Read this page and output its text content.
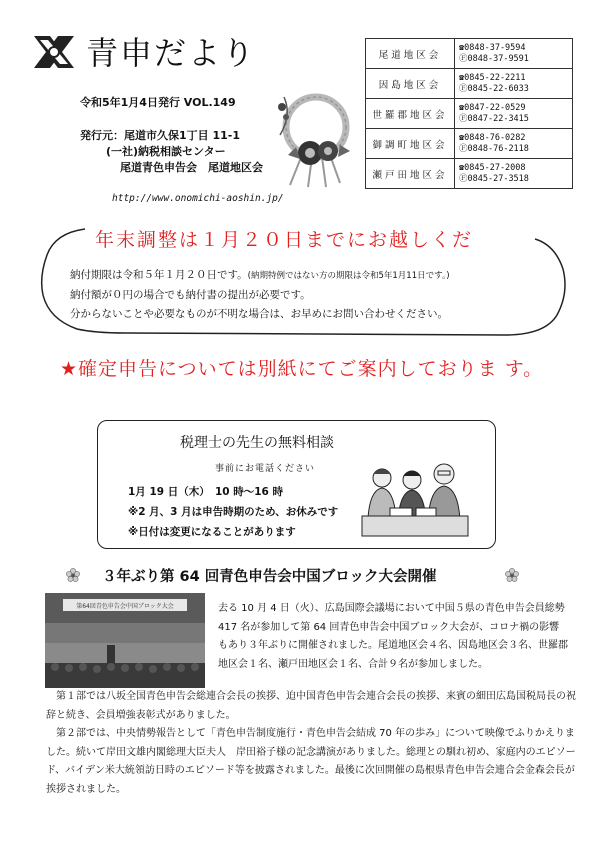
青申だより
令和5年1月4日発行 VOL.149
発行元：尾道市久保1丁目 11-1
(一社)納税相談センター
尾道青色申告会　尾道地区会
http://www.onomichi-aoshin.jp/
尾道地区会	☎0848-37-9594
Ⓕ0848-37-9591

因島地区会	☎0845-22-2211
Ⓕ0845-22-6033

世羅郡地区会	☎0847-22-0529
Ⓕ0847-22-3415

御調町地区会	☎0848-76-0282
Ⓕ0848-76-2118

瀬戸田地区会	☎0845-27-2008
Ⓕ0845-27-3518
年末調整は１月２０日までにお越しくだ
納付期限は令和５年１月２０日です。(納期特例ではない方の期限は令和5年1月11日です。)
納付額が０円の場合でも納付書の提出が必要です。
分からないことや必要なものが不明な場合は、お早めにお問い合わせください。
★確定申告については別紙にてご案内しておりま す。
税理士の先生の無料相談
事前にお電話ください
1月 19 日（木）　10 時～16 時
※2 月、3 月は申告時期のため、お休みです
※日付は変更になることがあります
３年ぶり第 64 回青色申告会中国ブロック大会開催
第64回青色申告会中国ブロック大会	去る 10 月 4 日（火）、広島国際会議場において中国５県の青色申告会員総勢 417 名が参加して第 64 回青色申告会中国ブロック大会が、コロナ禍の影響もあり３年ぶりに開催されました。尾道地区会４名、因島地区会３名、世羅郡地区会１名、瀬戸田地区会１名、合計９名が参加しました。

第１部では八坂全国青色申告会総連合会長の挨拶、迫中国青色申告会連合会長の挨拶、来賓の細田広島国税局長の祝辞と続き、会員増強表彰式がありました。

第２部では、中央情勢報告として「青色申告制度施行・青色申告会結成 70 年の歩み」について映像でふりかえりました。続いて岸田文雄内閣総理大臣夫人　岸田裕子様の記念講演がありました。総理との馴れ初め、家庭内のエピソード、バイデン米大統領訪日時のエピソード等を披露されました。最後に次回開催の島根県青色申告会連合会金森会長が挨拶されました。
